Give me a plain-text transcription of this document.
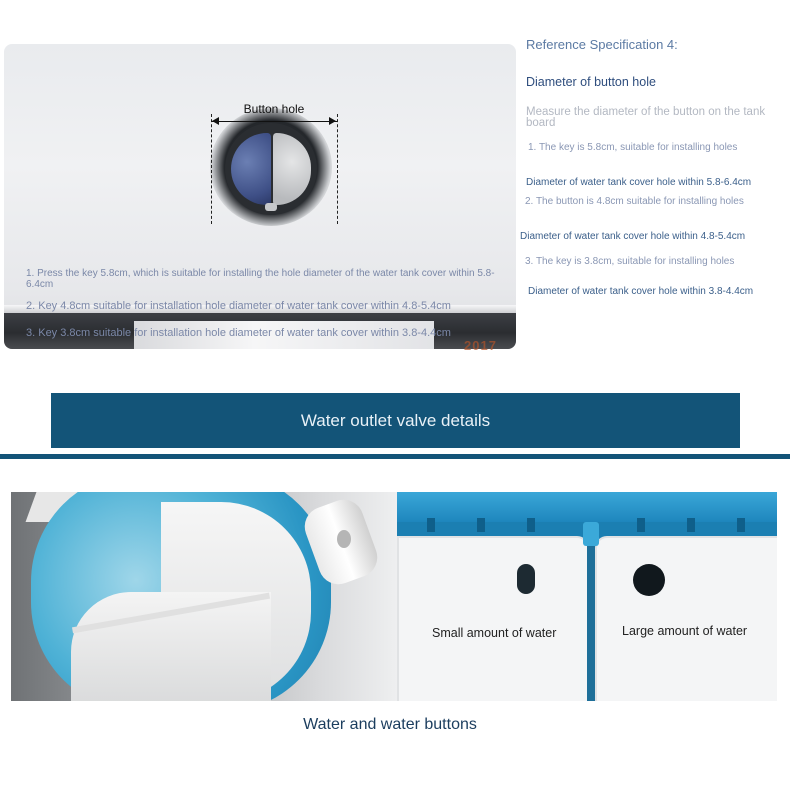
Button hole
1. Press the key 5.8cm, which is suitable for installing the hole diameter of the water tank cover within 5.8-6.4cm
2. Key 4.8cm suitable for installation hole diameter of water tank cover within 4.8-5.4cm
3. Key 3.8cm suitable for installation hole diameter of water tank cover within 3.8-4.4cm
2017
Reference Specification 4:
Diameter of button hole
Measure the diameter of the button on the tank board
1. The key is 5.8cm, suitable for installing holes
Diameter of water tank cover hole within 5.8-6.4cm
2. The button is 4.8cm suitable for installing holes
Diameter of water tank cover hole within 4.8-5.4cm
3. The key is 3.8cm, suitable for installing holes
Diameter of water tank cover hole within 3.8-4.4cm
Water outlet valve details
Small amount of water	Large amount of water
Water and water buttons
